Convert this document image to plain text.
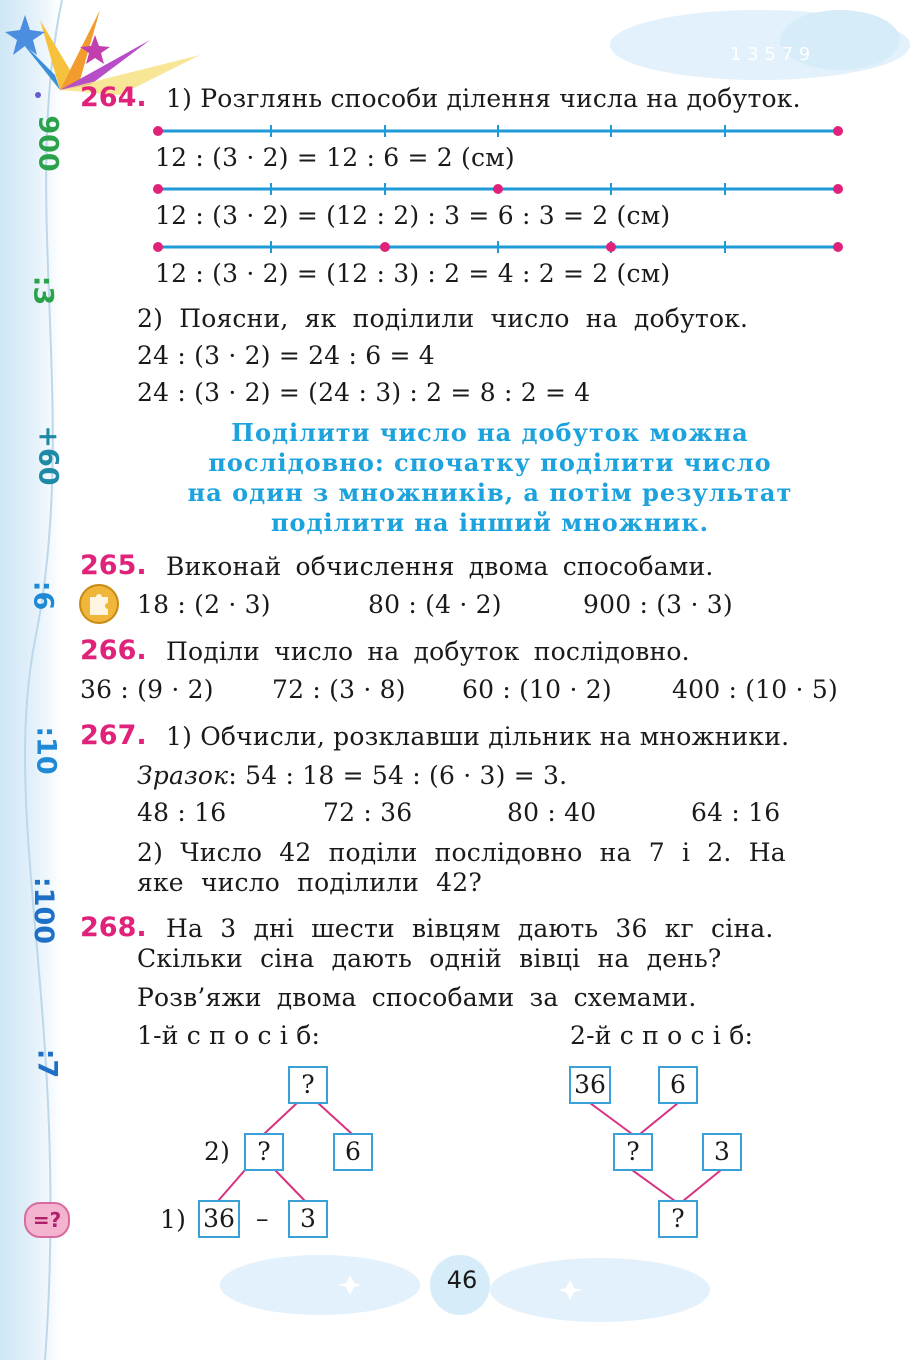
1 3 5 7 9
900
:3
+60
:6
:10
:100
:7
=?
264. 1) Розглянь способи ділення числа на добуток.
12 : (3 · 2) = 12 : 6 = 2 (см)
12 : (3 · 2) = (12 : 2) : 3 = 6 : 3 = 2 (см)
12 : (3 · 2) = (12 : 3) : 2 = 4 : 2 = 2 (см)
2) Поясни, як поділили число на добуток.
24 : (3 · 2) = 24 : 6 = 4
24 : (3 · 2) = (24 : 3) : 2 = 8 : 2 = 4
Поділити число на добуток можна
послідовно: спочатку поділити число
на один з множників, а потім результат
поділити на інший множник.
265. Виконай обчислення двома способами.
18 : (2 · 3)	80 : (4 · 2)	900 : (3 · 3)
266. Поділи число на добуток послідовно.
36 : (9 · 2) 72 : (3 · 8) 60 : (10 · 2) 400 : (10 · 5)
267. 1) Обчисли, розклавши дільник на множники.
Зразок: 54 : 18 = 54 : (6 · 3) = 3.
48 : 16	72 : 36	80 : 40	64 : 16
2) Число 42 поділи послідовно на 7 і 2. На
яке число поділили 42?
268. На 3 дні шести вівцям дають 36 кг сіна.
Скільки сіна дають одній вівці на день?
Розв’яжи двома способами за схемами.
1-й с п о с і б:	2-й с п о с і б:
?
2)	?	6
1) 36 –	3
36	6
?	3
?
46
